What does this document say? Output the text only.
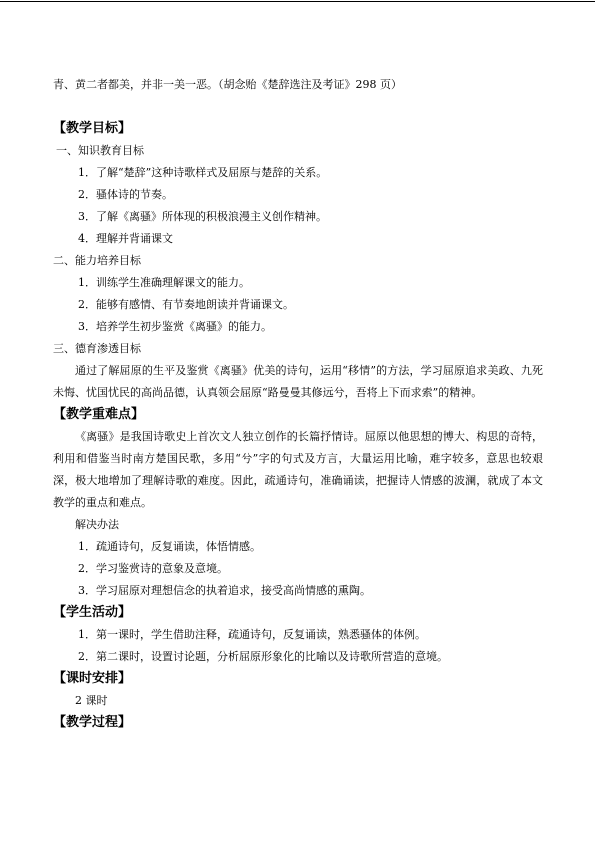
青、黄二者都美，并非一美一恶。（胡念贻《楚辞选注及考证》298 页）
【教学目标】
一、知识教育目标
1．了解“楚辞”这种诗歌样式及屈原与楚辞的关系。
2．骚体诗的节奏。
3．了解《离骚》所体现的积极浪漫主义创作精神。
4．理解并背诵课文
二、能力培养目标
1．训练学生准确理解课文的能力。
2．能够有感情、有节奏地朗读并背诵课文。
3．培养学生初步鉴赏《离骚》的能力。
三、德育渗透目标
通过了解屈原的生平及鉴赏《离骚》优美的诗句，运用“移情”的方法，学习屈原追求美政、九死未悔、忧国忧民的高尚品德，认真领会屈原“路曼曼其修远兮，吾将上下而求索”的精神。
【教学重难点】
《离骚》是我国诗歌史上首次文人独立创作的长篇抒情诗。屈原以他思想的博大、构思的奇特，利用和借鉴当时南方楚国民歌，多用“兮”字的句式及方言，大量运用比喻，难字较多，意思也较艰深，极大地增加了理解诗歌的难度。因此，疏通诗句，准确诵读，把握诗人情感的波澜，就成了本文教学的重点和难点。
解决办法
1．疏通诗句，反复诵读，体悟情感。
2．学习鉴赏诗的意象及意境。
3．学习屈原对理想信念的执着追求，接受高尚情感的熏陶。
【学生活动】
1．第一课时，学生借助注释，疏通诗句，反复诵读，熟悉骚体的体例。
2．第二课时，设置讨论题，分析屈原形象化的比喻以及诗歌所营造的意境。
【课时安排】
2 课时
【教学过程】
